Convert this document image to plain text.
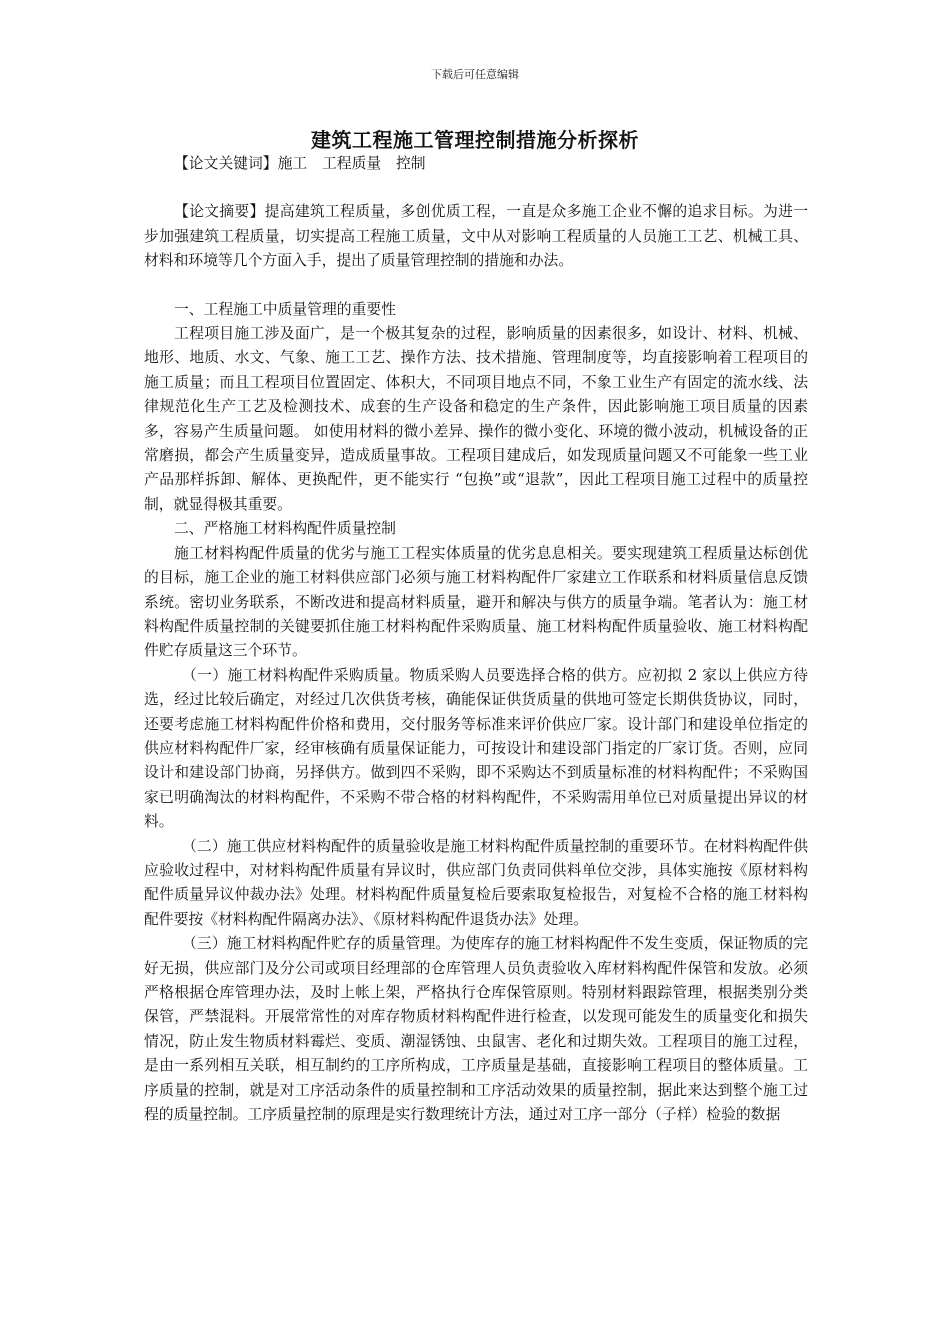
下载后可任意编辑
建筑工程施工管理控制措施分析探析

【论文关键词】施工　工程质量　控制

【论文摘要】提高建筑工程质量，多创优质工程，一直是众多施工企业不懈的追求目标。为进一步加强建筑工程质量，切实提高工程施工质量，文中从对影响工程质量的人员施工工艺、机械工具、材料和环境等几个方面入手，提出了质量管理控制的措施和办法。

一、工程施工中质量管理的重要性

工程项目施工涉及面广，是一个极其复杂的过程，影响质量的因素很多，如设计、材料、机械、地形、地质、水文、气象、施工工艺、操作方法、技术措施、管理制度等，均直接影响着工程项目的施工质量；而且工程项目位置固定、体积大，不同项目地点不同，不象工业生产有固定的流水线、法律规范化生产工艺及检测技术、成套的生产设备和稳定的生产条件，因此影响施工项目质量的因素多，容易产生质量问题。 如使用材料的微小差异、操作的微小变化、环境的微小波动，机械设备的正常磨损，都会产生质量变异，造成质量事故。工程项目建成后，如发现质量问题又不可能象一些工业产品那样拆卸、解体、更换配件，更不能实行 “包换”或“退款”，因此工程项目施工过程中的质量控制，就显得极其重要。

二、严格施工材料构配件质量控制

施工材料构配件质量的优劣与施工工程实体质量的优劣息息相关。要实现建筑工程质量达标创优的目标，施工企业的施工材料供应部门必须与施工材料构配件厂家建立工作联系和材料质量信息反馈系统。密切业务联系，不断改进和提高材料质量，避开和解决与供方的质量争端。笔者认为：施工材料构配件质量控制的关键要抓住施工材料构配件采购质量、施工材料构配件质量验收、施工材料构配件贮存质量这三个环节。

（一）施工材料构配件采购质量。物质采购人员要选择合格的供方。应初拟 2 家以上供应方待选，经过比较后确定，对经过几次供货考核，确能保证供货质量的供地可签定长期供货协议，同时，还要考虑施工材料构配件价格和费用，交付服务等标准来评价供应厂家。设计部门和建设单位指定的供应材料构配件厂家，经审核确有质量保证能力，可按设计和建设部门指定的厂家订货。否则，应同设计和建设部门协商，另择供方。做到四不采购，即不采购达不到质量标准的材料构配件；不采购国家已明确淘汰的材料构配件，不采购不带合格的材料构配件，不采购需用单位已对质量提出异议的材料。

（二）施工供应材料构配件的质量验收是施工材料构配件质量控制的重要环节。在材料构配件供应验收过程中，对材料构配件质量有异议时，供应部门负责同供料单位交涉，具体实施按《原材料构配件质量异议仲裁办法》处理。材料构配件质量复检后要索取复检报告，对复检不合格的施工材料构配件要按《材料构配件隔离办法》、《原材料构配件退货办法》处理。

（三）施工材料构配件贮存的质量管理。为使库存的施工材料构配件不发生变质，保证物质的完好无损，供应部门及分公司或项目经理部的仓库管理人员负责验收入库材料构配件保管和发放。必须严格根据仓库管理办法，及时上帐上架，严格执行仓库保管原则。特别材料跟踪管理，根据类别分类保管，严禁混料。开展常常性的对库存物质材料构配件进行检查，以发现可能发生的质量变化和损失情况，防止发生物质材料霉烂、变质、潮湿锈蚀、虫鼠害、老化和过期失效。工程项目的施工过程，是由一系列相互关联，相互制约的工序所构成，工序质量是基础，直接影响工程项目的整体质量。工序质量的控制，就是对工序活动条件的质量控制和工序活动效果的质量控制，据此来达到整个施工过程的质量控制。工序质量控制的原理是实行数理统计方法，通过对工序一部分（子样）检验的数据
